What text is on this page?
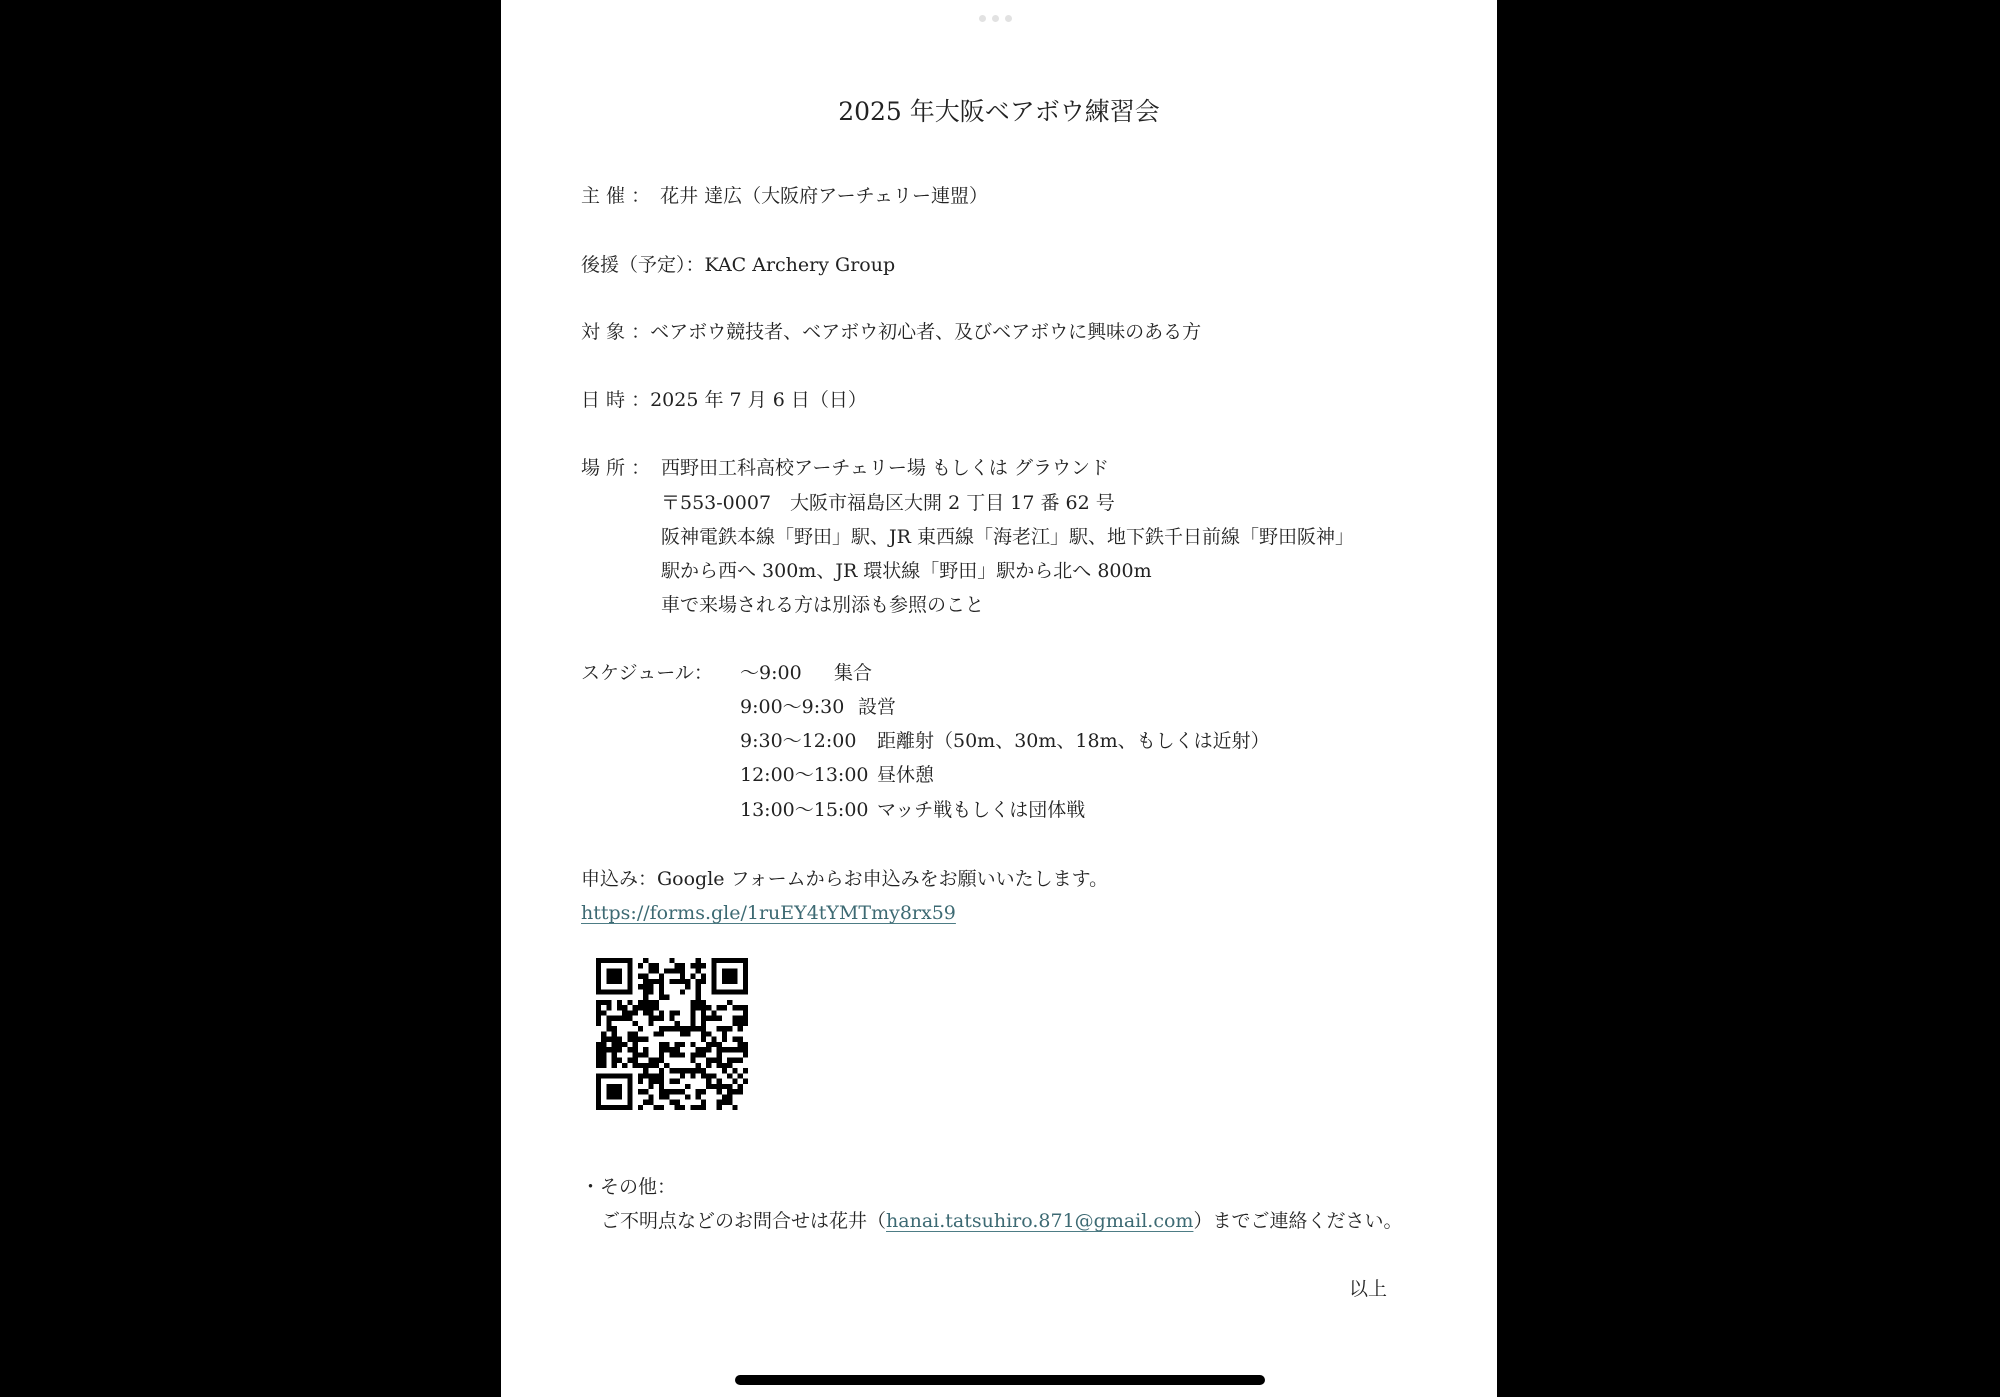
2025 年大阪ベアボウ練習会
主 催 ： 花井 達広（大阪府アーチェリー連盟）
後援（予定）：KAC Archery Group
対 象 ：ベアボウ競技者、ベアボウ初心者、及びベアボウに興味のある方
日 時 ：2025 年 7 月 6 日（日）
場 所 ： 西野田工科高校アーチェリー場 もしくは グラウンド
〒553-0007　大阪市福島区大開 2 丁目 17 番 62 号
阪神電鉄本線「野田」駅、JR 東西線「海老江」駅、地下鉄千日前線「野田阪神」
駅から西へ 300m、JR 環状線「野田」駅から北へ 800m
車で来場される方は別添も参照のこと
スケジュール： ～9:00 集合
9:00～9:30 設営
9:30～12:00 距離射（50m、30m、18m、もしくは近射）
12:00～13:00 昼休憩
13:00～15:00 マッチ戦もしくは団体戦
申込み：Google フォームからお申込みをお願いいたします。
https://forms.gle/1ruEY4tYMTmy8rx59
・その他：
ご不明点などのお問合せは花井（hanai.tatsuhiro.871@gmail.com）までご連絡ください。
以上
